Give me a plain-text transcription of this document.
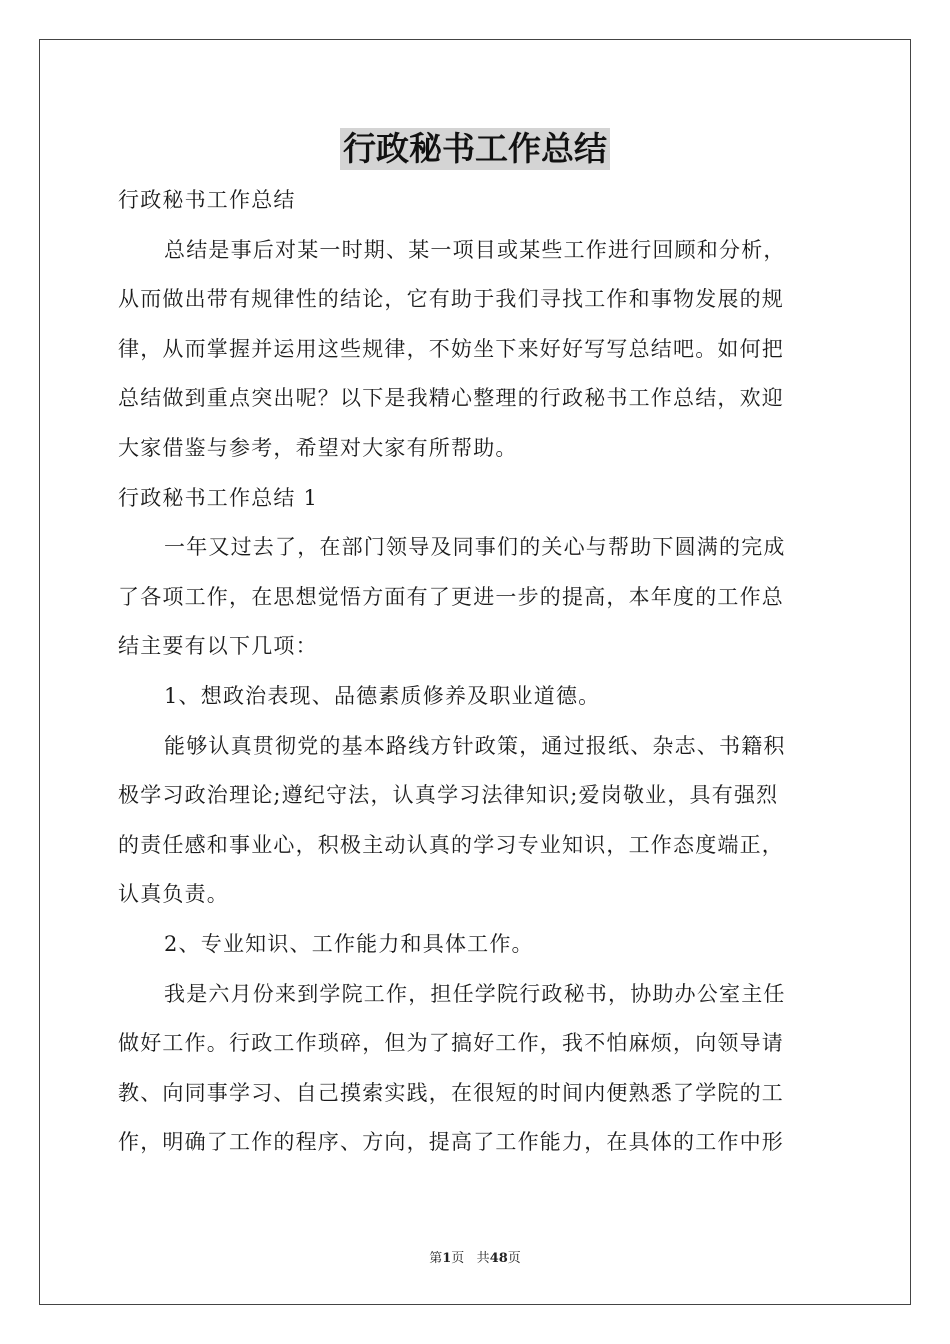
行政秘书工作总结

行政秘书工作总结

总结是事后对某一时期、某一项目或某些工作进行回顾和分析，
从而做出带有规律性的结论，它有助于我们寻找工作和事物发展的规
律，从而掌握并运用这些规律，不妨坐下来好好写写总结吧。如何把
总结做到重点突出呢？以下是我精心整理的行政秘书工作总结，欢迎
大家借鉴与参考，希望对大家有所帮助。

行政秘书工作总结 1

一年又过去了，在部门领导及同事们的关心与帮助下圆满的完成
了各项工作，在思想觉悟方面有了更进一步的提高，本年度的工作总
结主要有以下几项：

1、想政治表现、品德素质修养及职业道德。

能够认真贯彻党的基本路线方针政策，通过报纸、杂志、书籍积
极学习政治理论;遵纪守法，认真学习法律知识;爱岗敬业，具有强烈
的责任感和事业心，积极主动认真的学习专业知识，工作态度端正，
认真负责。

2、专业知识、工作能力和具体工作。

我是六月份来到学院工作，担任学院行政秘书，协助办公室主任
做好工作。行政工作琐碎，但为了搞好工作，我不怕麻烦，向领导请
教、向同事学习、自己摸索实践，在很短的时间内便熟悉了学院的工
作，明确了工作的程序、方向，提高了工作能力，在具体的工作中形

第1页 共48页
